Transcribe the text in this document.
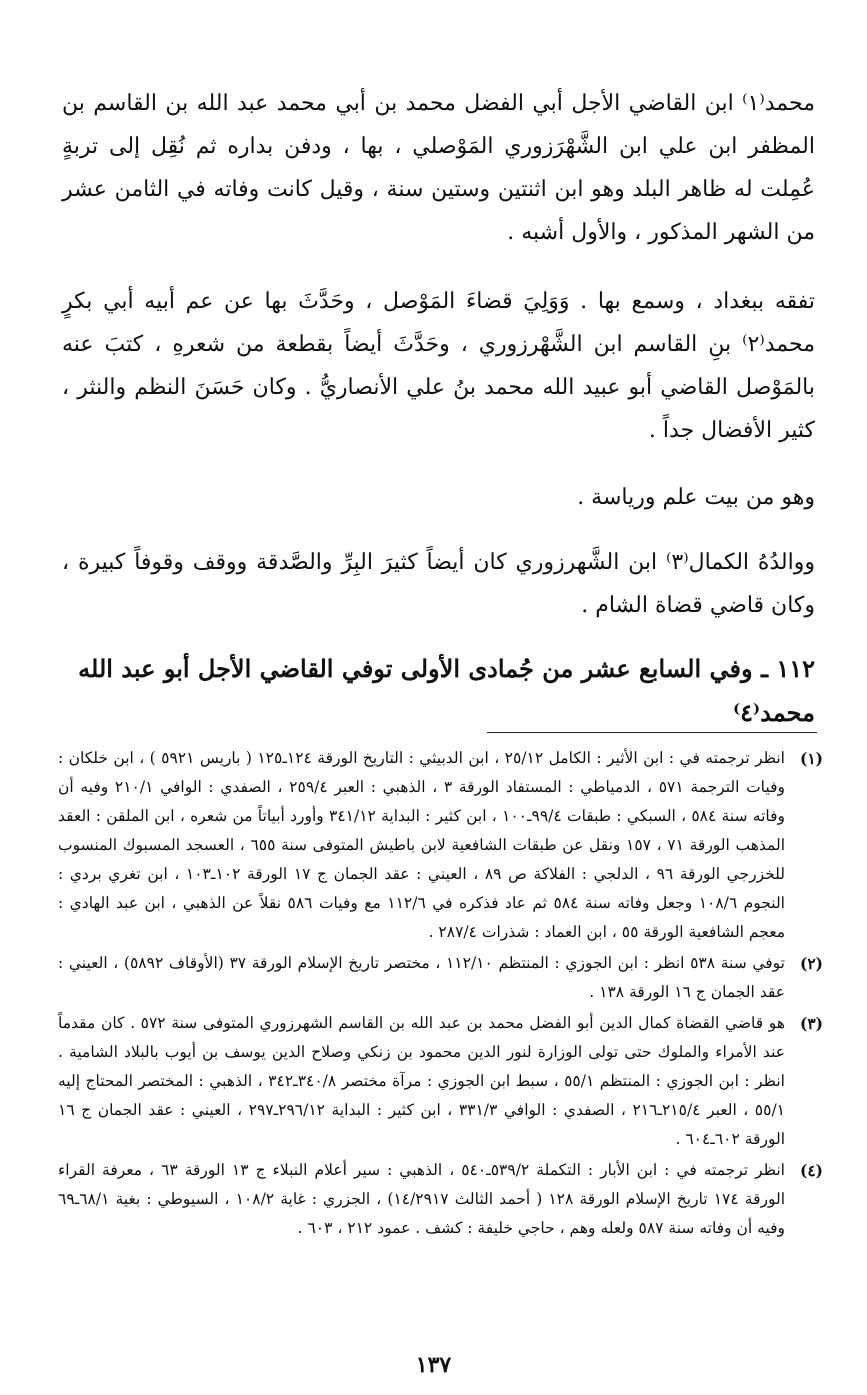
محمد⁽١⁾ ابن القاضي الأجل أبي الفضل محمد بن أبي محمد عبد الله بن القاسم بن المظفر ابن علي ابن الشَّهْرَزوري المَوْصلي ، بها ، ودفن بداره ثم نُقِل إلى تربةٍ عُمِلت له ظاهر البلد وهو ابن اثنتين وستين سنة ، وقيل كانت وفاته في الثامن عشر من الشهر المذكور ، والأول أشبه .

تفقه ببغداد ، وسمع بها . وَوَلِيَ قضاءَ المَوْصل ، وحَدَّثَ بها عن عم أبيه أبي بكرٍ محمد⁽٢⁾ بنِ القاسم ابن الشَّهْرزوري ، وحَدَّثَ أيضاً بقطعة من شعرهِ ، كتبَ عنه بالمَوْصل القاضي أبو عبيد الله محمد بنُ علي الأنصاريُّ . وكان حَسَنَ النظم والنثر ، كثير الأفضال جداً .

وهو من بيت علم ورياسة .

ووالدُهُ الكمال⁽٣⁾ ابن الشَّهرزوري كان أيضاً كثيرَ البِرِّ والصَّدقة ووقف وقوفاً كبيرة ، وكان قاضي قضاة الشام .

١١٢ ـ وفي السابع عشر من جُمادى الأولى توفي القاضي الأجل أبو عبد الله محمد⁽٤⁾

(١)
انظر ترجمته في : ابن الأثير : الكامل ٢٥/١٢ ، ابن الدبيثي : التاريخ الورقة ١٢٤ـ١٢٥ ( باريس ٥٩٢١ ) ، ابن خلكان : وفيات الترجمة ٥٧١ ، الدمياطي : المستفاد الورقة ٣ ، الذهبي : العبر ٢٥٩/٤ ، الصفدي : الوافي ٢١٠/١ وفيه أن وفاته سنة ٥٨٤ ، السبكي : طبقات ٩٩/٤ـ١٠٠ ، ابن كثير : البداية ٣٤١/١٢ وأورد أبياتاً من شعره ، ابن الملقن : العقد المذهب الورقة ٧١ ، ١٥٧ ونقل عن طبقات الشافعية لابن باطيش المتوفى سنة ٦٥٥ ، العسجد المسبوك المنسوب للخزرجي الورقة ٩٦ ، الدلجي : الفلاكة ص ٨٩ ، العيني : عقد الجمان ج ١٧ الورقة ١٠٢ـ١٠٣ ، ابن تغري بردي : النجوم ١٠٨/٦ وجعل وفاته سنة ٥٨٤ ثم عاد فذكره في ١١٢/٦ مع وفيات ٥٨٦ نقلاً عن الذهبي ، ابن عبد الهادي : معجم الشافعية الورقة ٥٥ ، ابن العماد : شذرات ٢٨٧/٤ .
(٢)
توفي سنة ٥٣٨ انظر : ابن الجوزي : المنتظم ١١٢/١٠ ، مختصر تاريخ الإسلام الورقة ٣٧ (الأوقاف ٥٨٩٢) ، العيني : عقد الجمان ج ١٦ الورقة ١٣٨ .
(٣)
هو قاضي القضاة كمال الدين أبو الفضل محمد بن عبد الله بن القاسم الشهرزوري المتوفى سنة ٥٧٢ . كان مقدماً عند الأمراء والملوك حتى تولى الوزارة لنور الدين محمود بن زنكي وصلاح الدين يوسف بن أيوب بالبلاد الشامية . انظر : ابن الجوزي : المنتظم ٥٥/١ ، سبط ابن الجوزي : مرآة مختصر ٣٤٠/٨ـ٣٤٢ ، الذهبي : المختصر المحتاج إليه ٥٥/١ ، العبر ٢١٥/٤ـ٢١٦ ، الصفدي : الوافي ٣٣١/٣ ، ابن كثير : البداية ٢٩٦/١٢ـ٢٩٧ ، العيني : عقد الجمان ج ١٦ الورقة ٦٠٢ـ٦٠٤ .
(٤)
انظر ترجمته في : ابن الأبار : التكملة ٥٣٩/٢ـ٥٤٠ ، الذهبي : سير أعلام النبلاء ج ١٣ الورقة ٦٣ ، معرفة القراء الورقة ١٧٤ تاريخ الإسلام الورقة ١٢٨ ( أحمد الثالث ١٤/٢٩١٧) ، الجزري : غاية ١٠٨/٢ ، السيوطي : بغية ٦٨/١ـ٦٩ وفيه أن وفاته سنة ٥٨٧ ولعله وهم ، حاجي خليفة : كشف . عمود ٢١٢ ، ٦٠٣ .
١٣٧
